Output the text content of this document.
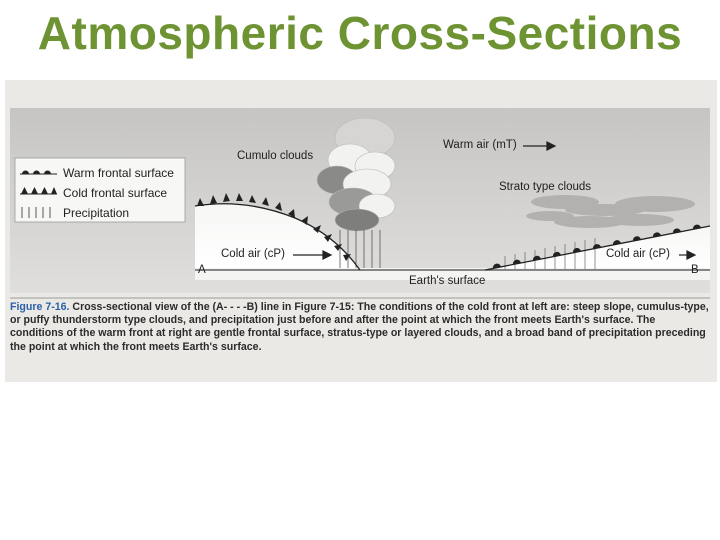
Atmospheric Cross-Sections
Warm frontal surface
Cold frontal surface
Precipitation
Cumulo clouds
Warm air (mT)
Strato type clouds
Cold air (cP)	Cold air (cP)
Earth's surface
A	B
Figure 7-16. Cross-sectional view of the (A- - - -B) line in Figure 7-15: The conditions of the cold front at left are: steep slope, cumulus-type, or puffy thunderstorm type clouds, and precipitation just before and after the point at which the front meets Earth's surface. The conditions of the warm front at right are gentle frontal surface, stratus-type or layered clouds, and a broad band of precipitation preceding the point at which the front meets Earth's surface.
